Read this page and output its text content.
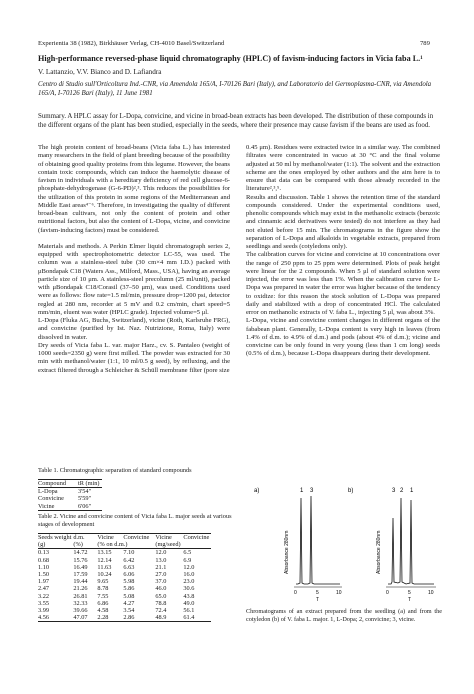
Experientia 38 (1982), Birkhäuser Verlag, CH-4010 Basel/Switzerland	789
High-performance reversed-phase liquid chromatography (HPLC) of favism-inducing factors in Vicia faba L.¹
V. Lattanzio, V.V. Bianco and D. Lafiandra
Centro di Studio sull'Orticoltura Ind.-CNR, via Amendola 165/A, I-70126 Bari (Italy), and Laboratorio del Germoplasma-CNR, via Amendola 165/A, I-70126 Bari (Italy), 11 June 1981
Summary. A HPLC assay for L-Dopa, convicine, and vicine in broad-bean extracts has been developed. The distribution of these compounds in the different organs of the plant has been studied, especially in the seeds, where their presence may cause favism if the beans are used as food.

The high protein content of broad-beans (Vicia faba L.) has interested many researchers in the field of plant breeding because of the possibility of obtaining good quality proteins from this legume. However, the beans contain toxic compounds, which can induce the haemolytic disease of favism in individuals with a hereditary deficiency of red cell glucose-6-phosphate-dehydrogenase (G-6-PD)²,³. This reduces the possibilities for the utilization of this protein in some regions of the Mediterranean and Middle East areas⁴⁻⁶. Therefore, in investigating the quality of different broad-bean cultivars, not only the content of protein and other nutritional factors, but also the content of L-Dopa, vicine, and convicine (favism-inducing factors) must be considered.

Materials and methods. A Perkin Elmer liquid chromatograph series 2, equipped with spectrophotometric detector LC-55, was used. The column was a stainless-steel tube (30 cm×4 mm I.D.) packed with μBondapak C18 (Waters Ass., Milford, Mass., USA), having an average particle size of 10 μm. A stainless-steel precolumn (25 ml/unit), packed with μBondapak C18/Corasil (37–50 μm), was used. Conditions used were as follows: flow rate=1.5 ml/min, pressure drop=1200 psi, detector regled at 280 nm, recorder at 5 mV and 0.2 cm/min, chart speed=5 mm/min, eluent was water (HPLC grade). Injected volume=5 μl.

L-Dopa (Fluka AG, Buchs, Switzerland), vicine (Roth, Karlsruhe FRG), and convicine (purified by Ist. Naz. Nutrizione, Roma, Italy) were dissolved in water.

Dry seeds of Vicia faba L. var. major Harz., cv. S. Pantaleo (weight of 1000 seeds=2350 g) were first milled. The powder was extracted for 30 min with methanol/water (1:1, 10 ml/0.5 g seed), by refluxing, and the extract filtered through a Schleicher & Schüll membrane filter (pore size

0.45 μm). Residues were extracted twice in a similar way. The combined filtrates were concentrated in vacuo at 30 °C and the final volume adjusted at 50 ml by methanol/water (1:1). The solvent and the extraction scheme are the ones employed by other authors and the aim here is to ensure that data can be compared with those already recorded in the literature²,³,⁵.

Results and discussion. Table 1 shows the retention time of the standard compounds considered. Under the experimental conditions used, phenolic compounds which may exist in the methanolic extracts (benzoic and cinnamic acid derivatives were tested) do not interfere as they had not eluted before 15 min. The chromatograms in the figure show the separation of L-Dopa and alkaloids in vegetable extracts, prepared from seedlings and seeds (cotyledons only).

The calibration curves for vicine and convicine at 10 concentrations over the range of 250 ppm to 25 ppm were determined. Plots of peak height were linear for the 2 compounds. When 5 μl of standard solution were injected, the error was less than 1%. When the calibration curve for L-Dopa was prepared in water the error was higher because of the tendency to oxidize: for this reason the stock solution of L-Dopa was prepared daily and stabilized with a drop of concentrated HCl. The calculated error on methanolic extracts of V. faba L., injecting 5 μl, was about 3%.

L-Dopa, vicine and convicine content changes in different organs of the fababean plant. Generally, L-Dopa content is very high in leaves (from 1.4% of d.m. to 4.9% of d.m.) and pods (about 4% of d.m.); vicine and convicine can be only found in very young (less than 1 cm long) seeds (0.5% of d.m.), because L-Dopa disappears during their development.

Table 1. Chromatographic separation of standard compounds
Compound	tR (min)
L-Dopa	3'54"
Convicine	5'59"
Vicine	6'06"
Table 2. Vicine and convicine content of Vicia faba L. major seeds at various stages of development
Seeds weight	d.m.	Vicine	Convicine	Vicine	Convicine
(g)	(%)	(% on d.m.)		(mg/seed)	
0.13	14.72	13.15	7.10	12.0	6.5
0.68	15.76	12.14	6.42	13.0	6.9
1.10	16.49	11.63	6.63	21.1	12.0
1.50	17.59	10.24	6.06	27.0	16.0
1.97	19.44	9.65	5.98	37.0	23.0
2.47	21.26	8.78	5.86	46.0	30.6
3.22	26.81	7.55	5.08	65.0	43.8
3.55	32.33	6.86	4.27	78.8	49.0
3.99	39.66	4.58	3.54	72.4	56.1
4.56	47.07	2.28	2.86	48.9	61.4
a)	1 3
Absorbance 280nm
0	5	10
T
b)	3 2 1
Absorbance 280nm
0	5	10
T
Chromatograms of an extract prepared from the seedling (a) and from the cotyledon (b) of V. faba L. major. 1, L-Dopa; 2, convicine; 3, vicine.
